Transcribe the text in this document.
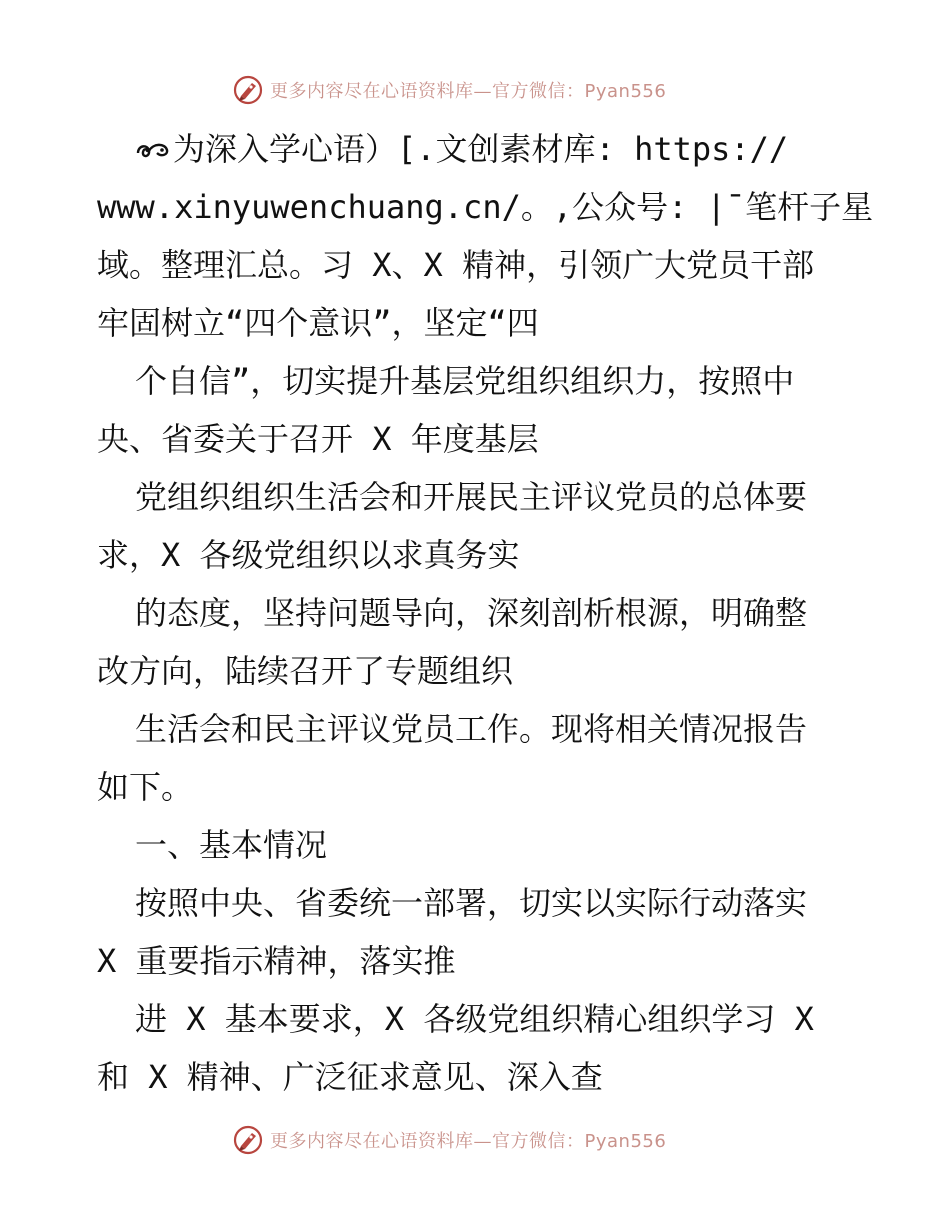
更多内容尽在心语资料库—官方微信：Pyan556
为深入学心语）[.文创素材库: https://
www.xinyuwenchuang.cn/。,公众号: |¯笔杆子星
域。整理汇总。习 X、X 精神，引领广大党员干部
牢固树立“四个意识”，坚定“四
个自信”，切实提升基层党组织组织力，按照中
央、省委关于召开 X 年度基层
党组织组织生活会和开展民主评议党员的总体要
求，X 各级党组织以求真务实
的态度，坚持问题导向，深刻剖析根源，明确整
改方向，陆续召开了专题组织
生活会和民主评议党员工作。现将相关情况报告
如下。
一、基本情况
按照中央、省委统一部署，切实以实际行动落实
X 重要指示精神，落实推
进 X 基本要求，X 各级党组织精心组织学习 X
和 X 精神、广泛征求意见、深入查
更多内容尽在心语资料库—官方微信：Pyan556
